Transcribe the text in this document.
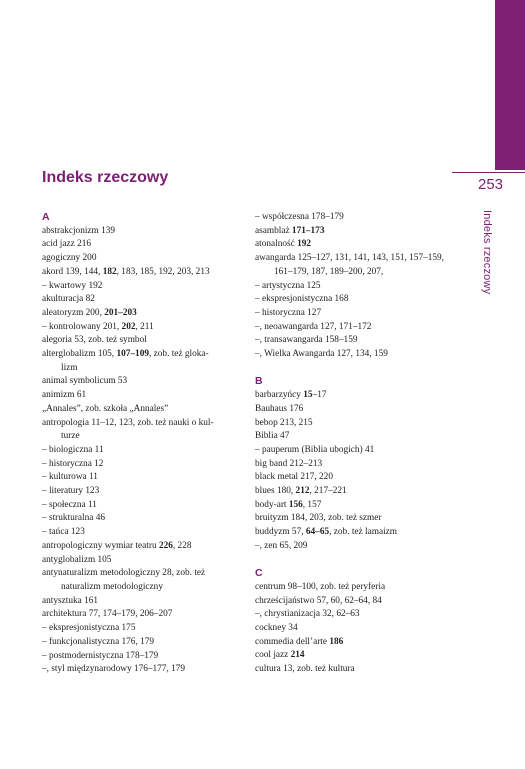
253
Indeks rzeczowy
Indeks rzeczowy
A
abstrakcjonizm 139
acid jazz 216
agogiczny 200
akord 139, 144, 182, 183, 185, 192, 203, 213
– kwartowy 192
akulturacja 82
aleatoryzm 200, 201–203
– kontrolowany 201, 202, 211
alegoria 53, zob. też symbol
alterglobalizm 105, 107–109, zob. też gloka-
lizm
animal symbolicum 53
animizm 61
„Annales”, zob. szkoła „Annales”
antropologia 11–12, 123, zob. też nauki o kul-
turze
– biologiczna 11
– historyczna 12
– kulturowa 11
– literatury 123
– społeczna 11
– strukturalna 46
– tańca 123
antropologiczny wymiar teatru 226, 228
antyglobalizm 105
antynaturalizm metodologiczny 28, zob. też
naturalizm metodologiczny
antysztuka 161
architektura 77, 174–179, 206–207
– ekspresjonistyczna 175
– funkcjonalistyczna 176, 179
– postmodernistyczna 178–179
–, styl międzynarodowy 176–177, 179
– współczesna 178–179
asamblaż 171–173
atonalność 192
awangarda 125–127, 131, 141, 143, 151, 157–159,
161–179, 187, 189–200, 207,
– artystyczna 125
– ekspresjonistyczna 168
– historyczna 127
–, neoawangarda 127, 171–172
–, transawangarda 158–159
–, Wielka Awangarda 127, 134, 159
B
barbarzyńcy 15–17
Bauhaus 176
bebop 213, 215
Biblia 47
– pauperum (Biblia ubogich) 41
big band 212–213
black metal 217, 220
blues 180, 212, 217–221
body-art 156, 157
bruityzm 184, 203, zob. też szmer
buddyzm 57, 64–65, zob. też lamaizm
–, zen 65, 209
C
centrum 98–100, zob. też peryferia
chrześcijaństwo 57, 60, 62–64, 84
–, chrystianizacja 32, 62–63
cockney 34
commedia dell’arte 186
cool jazz 214
cultura 13, zob. też kultura
